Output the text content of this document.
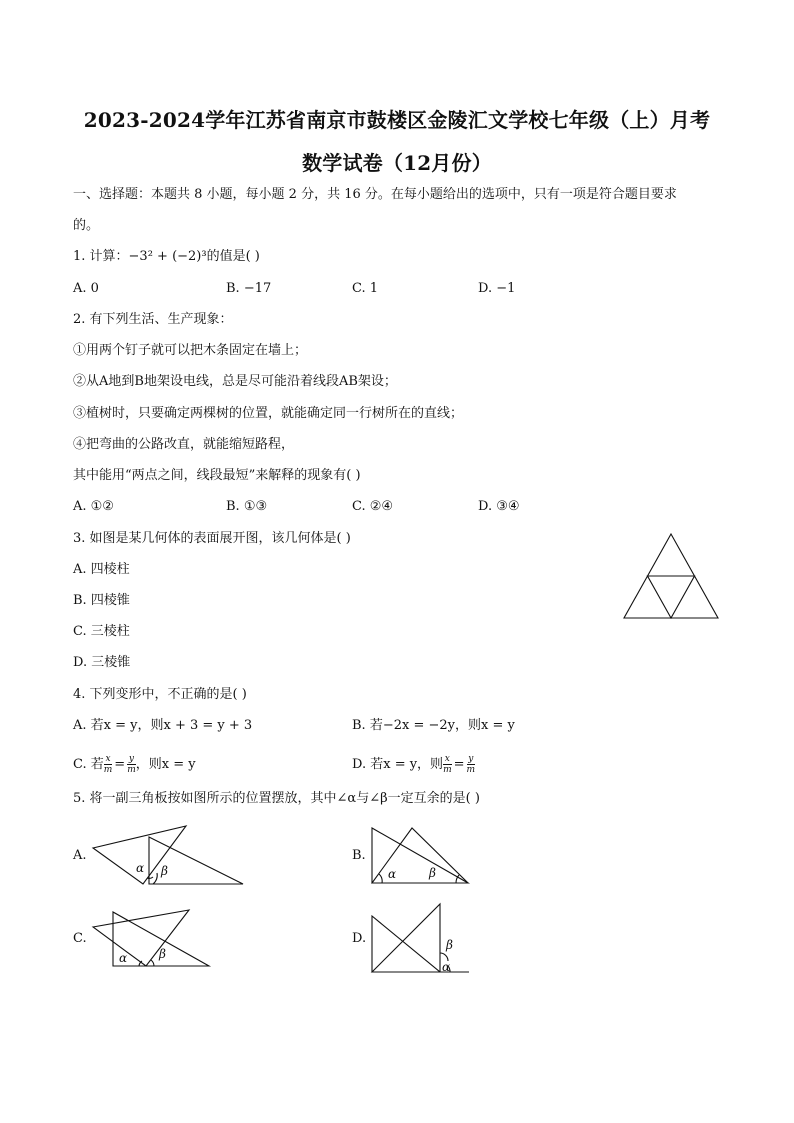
2023-2024学年江苏省南京市鼓楼区金陵汇文学校七年级（上）月考
数学试卷（12月份）
一、选择题：本题共 8 小题，每小题 2 分，共 16 分。在每小题给出的选项中，只有一项是符合题目要求
的。
1. 计算：−3² + (−2)³的值是( )
A. 0	B. −17	C. 1	D. −1
2. 有下列生活、生产现象：
①用两个钉子就可以把木条固定在墙上；
②从A地到B地架设电线，总是尽可能沿着线段AB架设；
③植树时，只要确定两棵树的位置，就能确定同一行树所在的直线；
④把弯曲的公路改直，就能缩短路程，
其中能用“两点之间，线段最短”来解释的现象有( )
A. ①②	B. ①③	C. ②④	D. ③④
3. 如图是某几何体的表面展开图，该几何体是( )
A. 四棱柱
B. 四棱锥
C. 三棱柱
D. 三棱锥
4. 下列变形中，不正确的是( )
A. 若x = y，则x + 3 = y + 3	B. 若−2x = −2y，则x = y
C. 若 $\frac{x}{m} = \frac{y}{m}$ ，则x = y	D. 若x = y，则 $\frac{x}{m} = \frac{y}{m}$
5. 将一副三角板按如图所示的位置摆放，其中∠α与∠β一定互余的是( )
A.
α β
B.
α	β
C.
α	β
D.	β
α
